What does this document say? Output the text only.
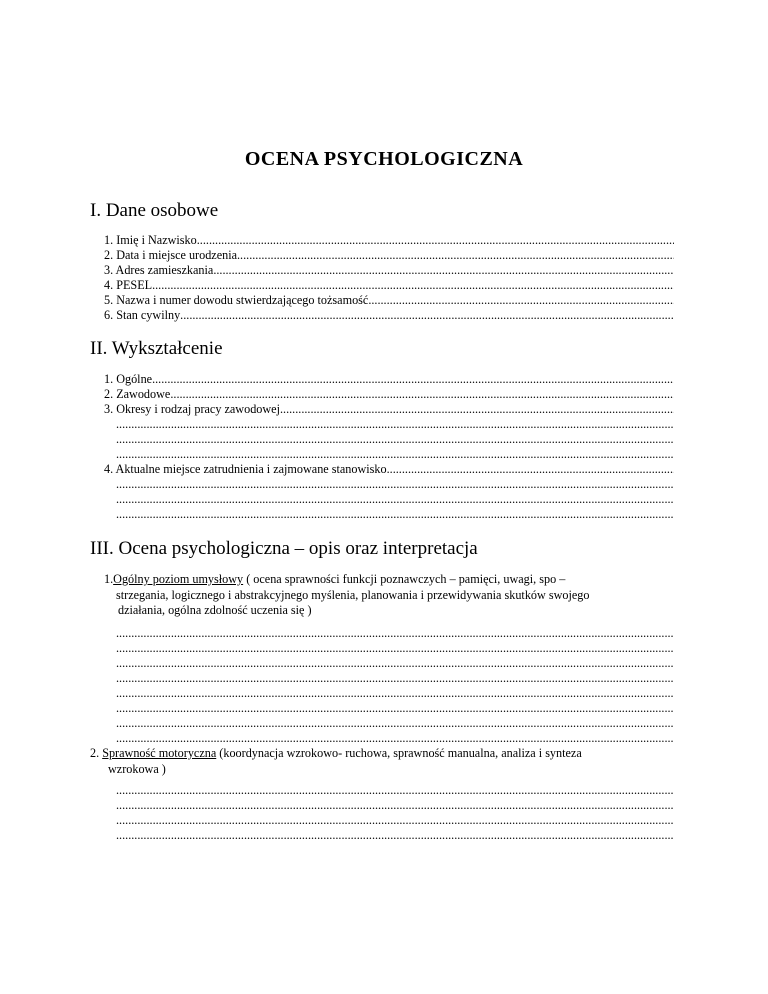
OCENA PSYCHOLOGICZNA
I. Dane osobowe
1. Imię i Nazwisko
.....
2. Data i miejsce urodzenia
.....
3. Adres zamieszkania
.....
4. PESEL
.....
5. Nazwa i numer dowodu stwierdzającego tożsamość
.....
6. Stan cywilny
.....
II. Wykształcenie
1. Ogólne
.....
2. Zawodowe
.....
3. Okresy i rodzaj pracy zawodowej
.....
.....
.....
.....
4. Aktualne miejsce zatrudnienia i zajmowane stanowisko
.....
.....
.....
.....
III. Ocena psychologiczna – opis oraz interpretacja
1.Ogólny poziom umysłowy ( ocena sprawności funkcji poznawczych – pamięci, uwagi, spo –
strzegania, logicznego i abstrakcyjnego myślenia, planowania i przewidywania skutków swojego
działania, ogólna zdolność uczenia się )
.....
.....
.....
.....
.....
.....
.....
.....
2. Sprawność motoryczna (koordynacja wzrokowo- ruchowa, sprawność manualna, analiza i synteza
wzrokowa )
.....
.....
.....
.....
